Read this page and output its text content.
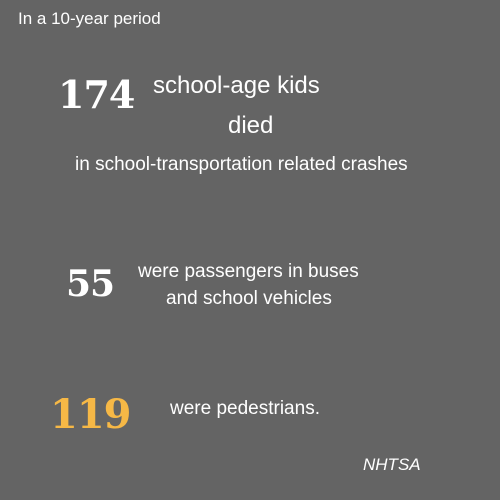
In a 10-year period
174 school-age kids
died
in school-transportation related crashes
55 were passengers in buses
and school vehicles
119 were pedestrians.
NHTSA
